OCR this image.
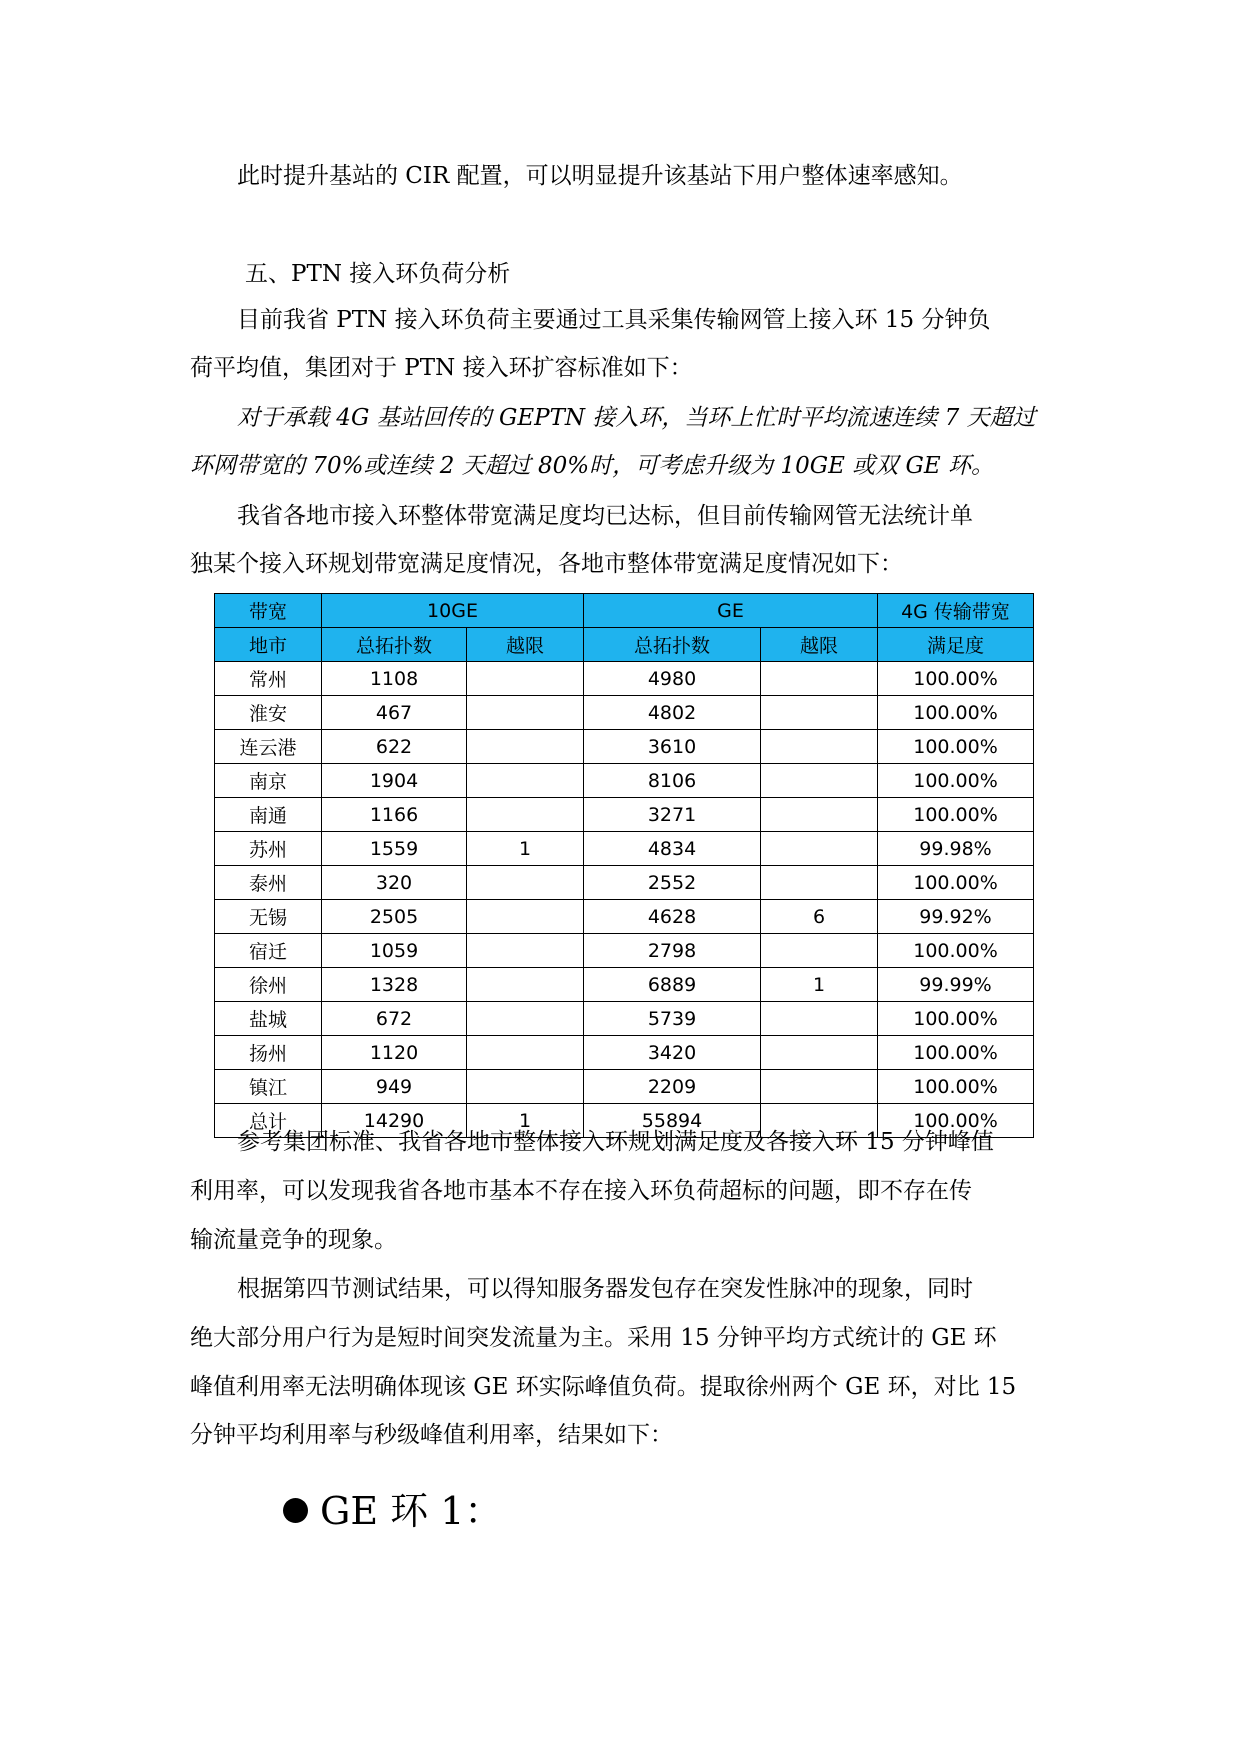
此时提升基站的 CIR 配置，可以明显提升该基站下用户整体速率感知。
五、PTN 接入环负荷分析
目前我省 PTN 接入环负荷主要通过工具采集传输网管上接入环 15 分钟负
荷平均值，集团对于 PTN 接入环扩容标准如下：
对于承载 4G 基站回传的 GEPTN 接入环，当环上忙时平均流速连续 7 天超过
环网带宽的 70%或连续 2 天超过 80%时，可考虑升级为 10GE 或双 GE 环。
我省各地市接入环整体带宽满足度均已达标，但目前传输网管无法统计单
独某个接入环规划带宽满足度情况，各地市整体带宽满足度情况如下：
带宽	10GE		GE		4G 传输带宽
地市	总拓扑数	越限	总拓扑数	越限	满足度
常州	1108		4980		100.00%
淮安	467		4802		100.00%
连云港	622		3610		100.00%
南京	1904		8106		100.00%
南通	1166		3271		100.00%
苏州	1559	1	4834		99.98%
泰州	320		2552		100.00%
无锡	2505		4628	6	99.92%
宿迁	1059		2798		100.00%
徐州	1328		6889	1	99.99%
盐城	672		5739		100.00%
扬州	1120		3420		100.00%
镇江	949		2209		100.00%
总计	14290	1	55894		100.00%
参考集团标准、我省各地市整体接入环规划满足度及各接入环 15 分钟峰值
利用率，可以发现我省各地市基本不存在接入环负荷超标的问题，即不存在传
输流量竞争的现象。
根据第四节测试结果，可以得知服务器发包存在突发性脉冲的现象，同时
绝大部分用户行为是短时间突发流量为主。采用 15 分钟平均方式统计的 GE 环
峰值利用率无法明确体现该 GE 环实际峰值负荷。提取徐州两个 GE 环，对比 15
分钟平均利用率与秒级峰值利用率，结果如下：
GE 环 1：
